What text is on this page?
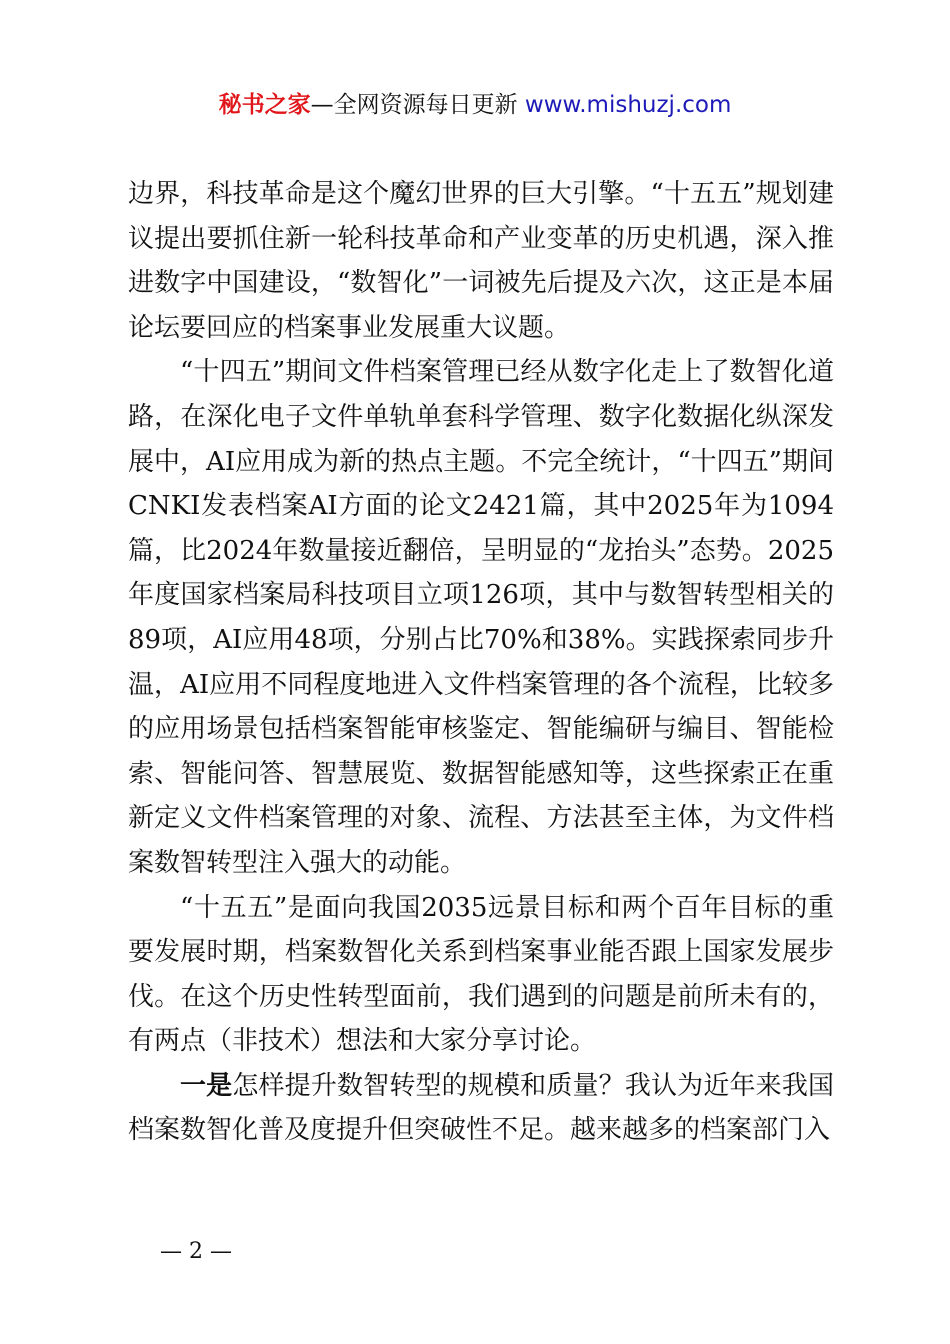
秘书之家—全网资源每日更新 www.mishuzj.com

边界，科技革命是这个魔幻世界的巨大引擎。“十五五”规划建议提出要抓住新一轮科技革命和产业变革的历史机遇，深入推进数字中国建设，“数智化”一词被先后提及六次，这正是本届论坛要回应的档案事业发展重大议题。

“十四五”期间文件档案管理已经从数字化走上了数智化道路，在深化电子文件单轨单套科学管理、数字化数据化纵深发展中，AI应用成为新的热点主题。不完全统计，“十四五”期间CNKI发表档案AI方面的论文2421篇，其中2025年为1094篇，比2024年数量接近翻倍，呈明显的“龙抬头”态势。2025年度国家档案局科技项目立项126项，其中与数智转型相关的89项，AI应用48项，分别占比70%和38%。实践探索同步升温，AI应用不同程度地进入文件档案管理的各个流程，比较多的应用场景包括档案智能审核鉴定、智能编研与编目、智能检索、智能问答、智慧展览、数据智能感知等，这些探索正在重新定义文件档案管理的对象、流程、方法甚至主体，为文件档案数智转型注入强大的动能。

“十五五”是面向我国2035远景目标和两个百年目标的重要发展时期，档案数智化关系到档案事业能否跟上国家发展步伐。在这个历史性转型面前，我们遇到的问题是前所未有的，有两点（非技术）想法和大家分享讨论。

一是怎样提升数智转型的规模和质量？我认为近年来我国档案数智化普及度提升但突破性不足。越来越多的档案部门入

— 2 —
